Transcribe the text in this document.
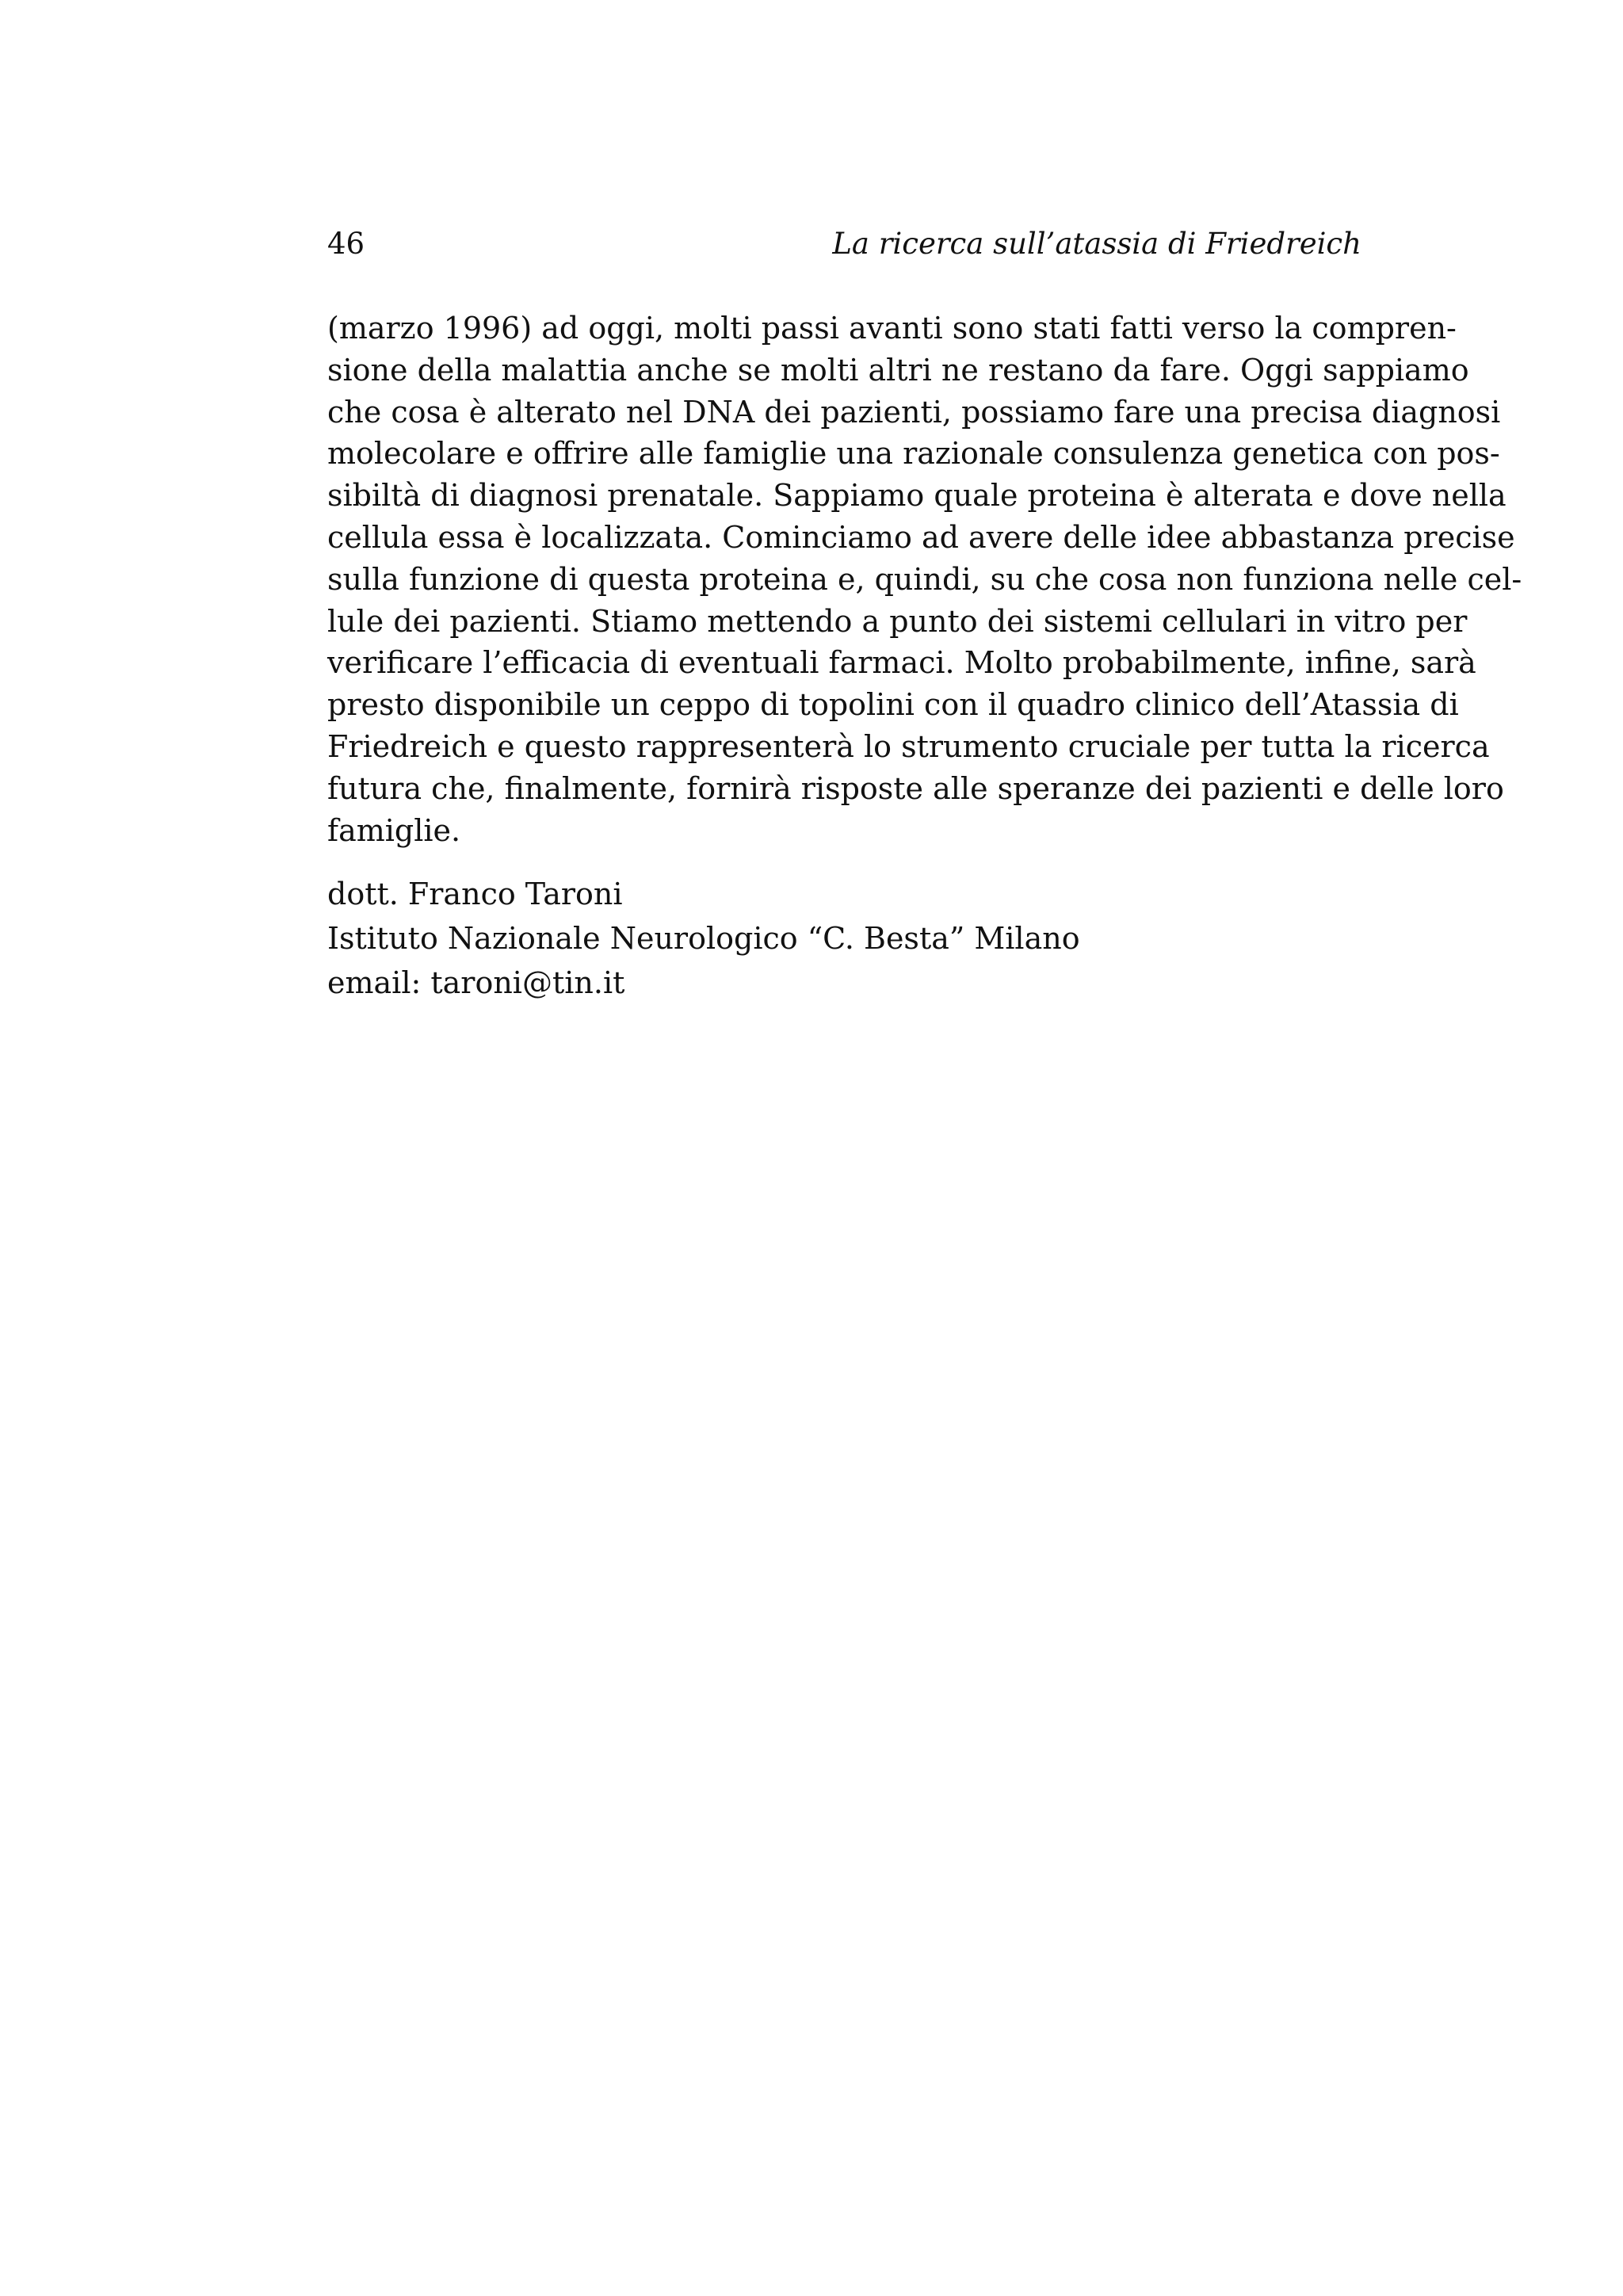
46	La ricerca sull’atassia di Friedreich
(marzo 1996) ad oggi, molti passi avanti sono stati fatti verso la compren-
sione della malattia anche se molti altri ne restano da fare. Oggi sappiamo
che cosa è alterato nel DNA dei pazienti, possiamo fare una precisa diagnosi
molecolare e offrire alle famiglie una razionale consulenza genetica con pos-
sibiltà di diagnosi prenatale. Sappiamo quale proteina è alterata e dove nella
cellula essa è localizzata. Cominciamo ad avere delle idee abbastanza precise
sulla funzione di questa proteina e, quindi, su che cosa non funziona nelle cel-
lule dei pazienti. Stiamo mettendo a punto dei sistemi cellulari in vitro per
verificare l’efficacia di eventuali farmaci. Molto probabilmente, infine, sarà
presto disponibile un ceppo di topolini con il quadro clinico dell’Atassia di
Friedreich e questo rappresenterà lo strumento cruciale per tutta la ricerca
futura che, finalmente, fornirà risposte alle speranze dei pazienti e delle loro
famiglie.
dott. Franco Taroni
Istituto Nazionale Neurologico “C. Besta” Milano
email: taroni@tin.it
